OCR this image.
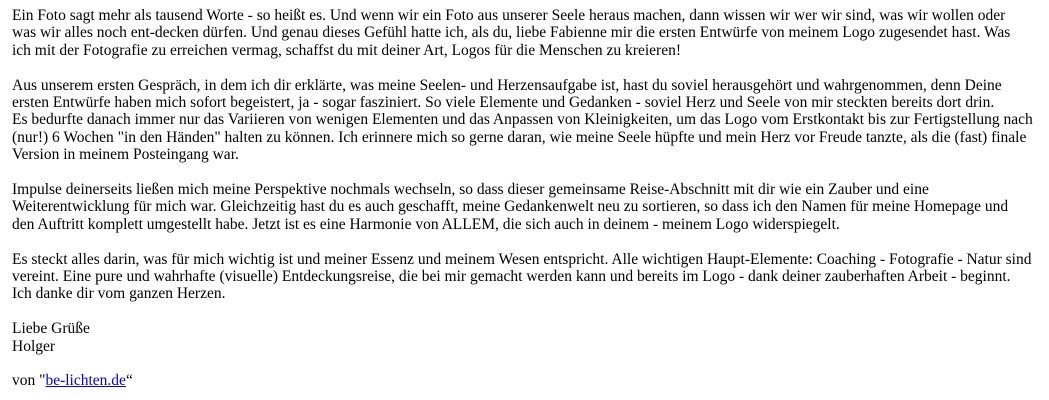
Ein Foto sagt mehr als tausend Worte - so heißt es. Und wenn wir ein Foto aus unserer Seele heraus machen, dann wissen wir wer wir sind, was wir wollen oder
was wir alles noch ent-decken dürfen. Und genau dieses Gefühl hatte ich, als du, liebe Fabienne mir die ersten Entwürfe von meinem Logo zugesendet hast. Was
ich mit der Fotografie zu erreichen vermag, schaffst du mit deiner Art, Logos für die Menschen zu kreieren!

Aus unserem ersten Gespräch, in dem ich dir erklärte, was meine Seelen- und Herzensaufgabe ist, hast du soviel herausgehört und wahrgenommen, denn Deine
ersten Entwürfe haben mich sofort begeistert, ja - sogar fasziniert. So viele Elemente und Gedanken - soviel Herz und Seele von mir steckten bereits dort drin.
Es bedurfte danach immer nur das Variieren von wenigen Elementen und das Anpassen von Kleinigkeiten, um das Logo vom Erstkontakt bis zur Fertigstellung nach
(nur!) 6 Wochen "in den Händen" halten zu können. Ich erinnere mich so gerne daran, wie meine Seele hüpfte und mein Herz vor Freude tanzte, als die (fast) finale
Version in meinem Posteingang war.

Impulse deinerseits ließen mich meine Perspektive nochmals wechseln, so dass dieser gemeinsame Reise-Abschnitt mit dir wie ein Zauber und eine
Weiterentwicklung für mich war. Gleichzeitig hast du es auch geschafft, meine Gedankenwelt neu zu sortieren, so dass ich den Namen für meine Homepage und
den Auftritt komplett umgestellt habe. Jetzt ist es eine Harmonie von ALLEM, die sich auch in deinem - meinem Logo widerspiegelt.

Es steckt alles darin, was für mich wichtig ist und meiner Essenz und meinem Wesen entspricht. Alle wichtigen Haupt-Elemente: Coaching - Fotografie - Natur sind
vereint. Eine pure und wahrhafte (visuelle) Entdeckungsreise, die bei mir gemacht werden kann und bereits im Logo - dank deiner zauberhaften Arbeit - beginnt.
Ich danke dir vom ganzen Herzen.

Liebe Grüße
Holger

von "be-lichten.de“
